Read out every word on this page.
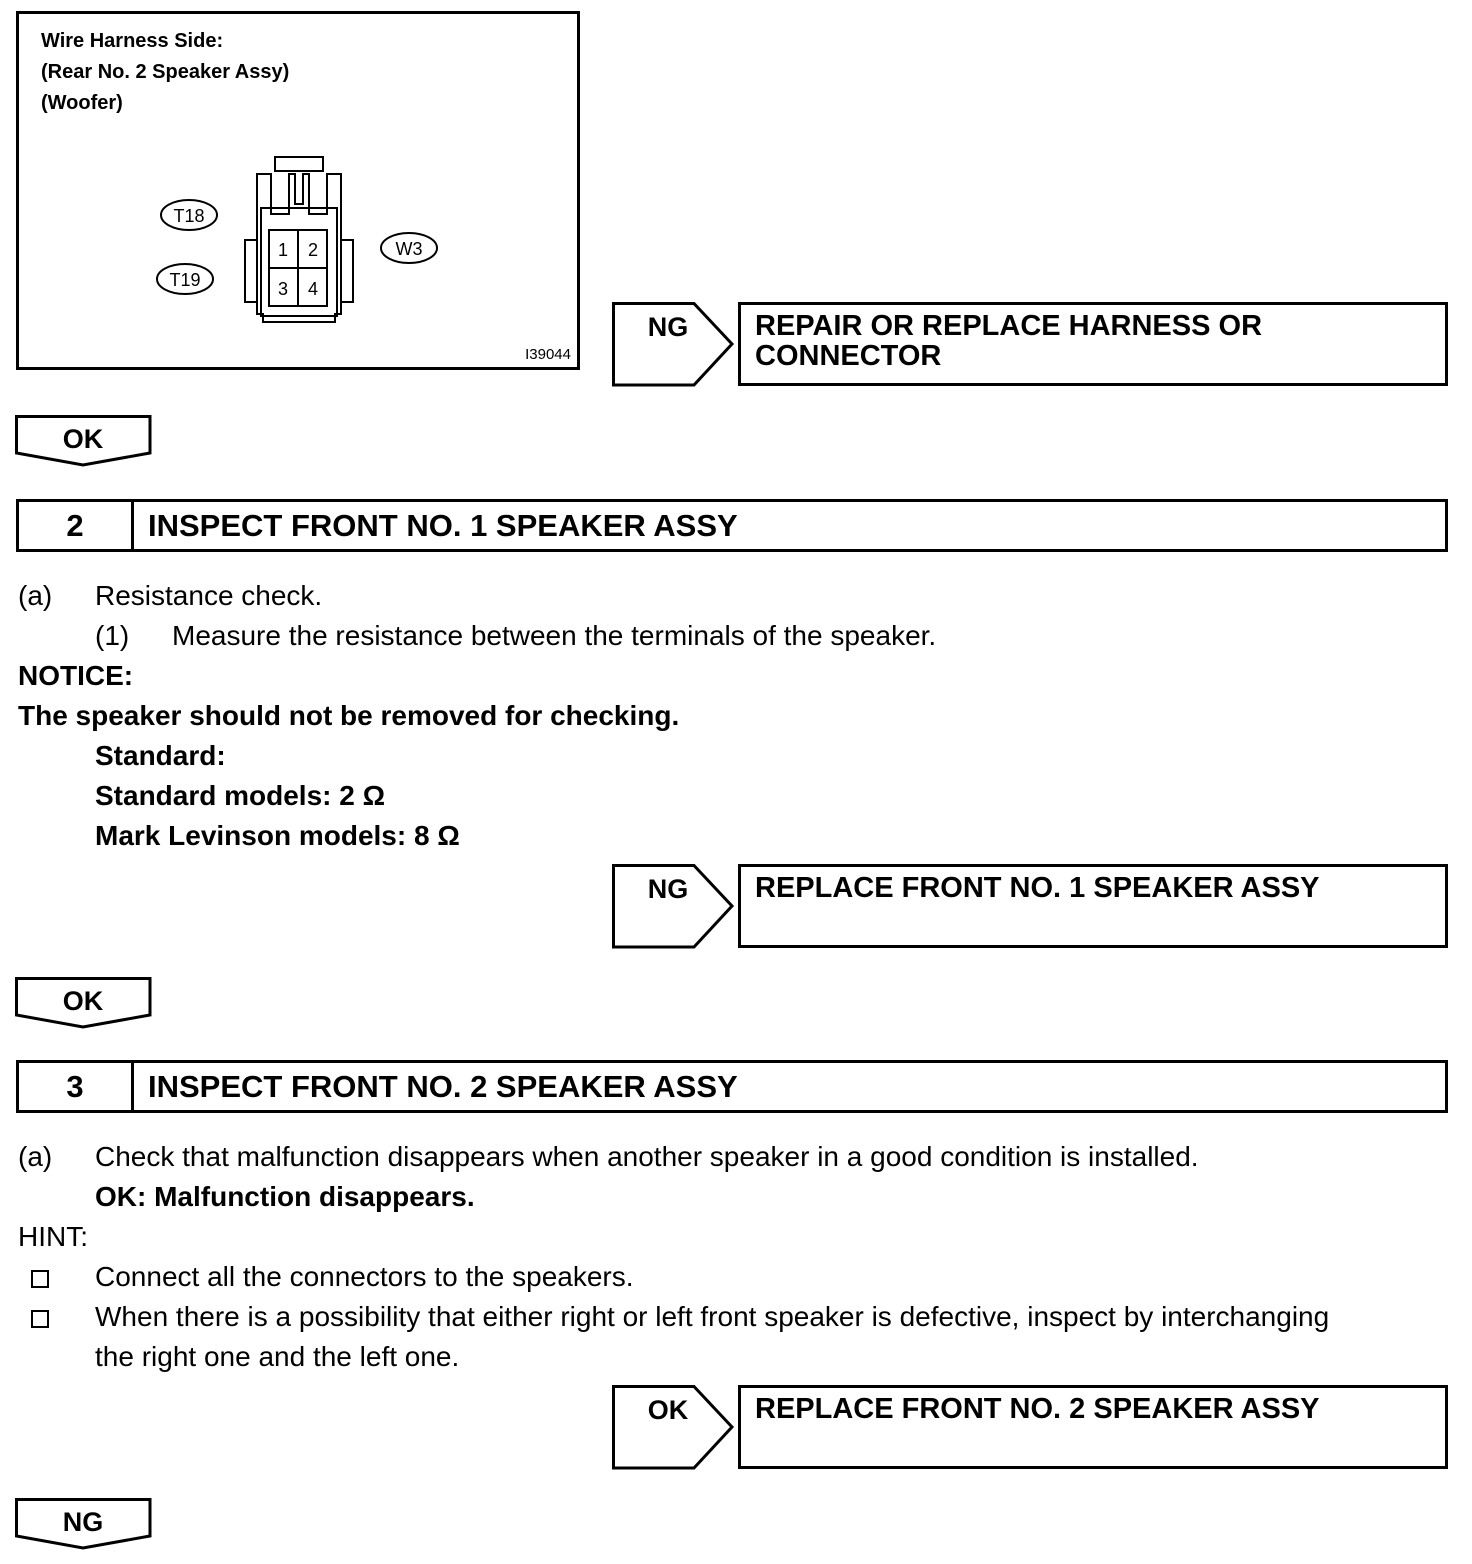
Wire Harness Side:
(Rear No. 2 Speaker Assy)
(Woofer)
1 2
3 4
T18
T19
W3
I39044
NG	REPAIR OR REPLACE HARNESS OR
CONNECTOR
OK
2	INSPECT FRONT NO. 1 SPEAKER ASSY
(a) Resistance check.
(1) Measure the resistance between the terminals of the speaker.
NOTICE:
The speaker should not be removed for checking.
Standard:
Standard models: 2 Ω
Mark Levinson models: 8 Ω
NG	REPLACE FRONT NO. 1 SPEAKER ASSY
OK
3	INSPECT FRONT NO. 2 SPEAKER ASSY
(a) Check that malfunction disappears when another speaker in a good condition is installed.
OK: Malfunction disappears.
HINT:
Connect all the connectors to the speakers.
When there is a possibility that either right or left front speaker is defective, inspect by interchanging
the right one and the left one.
OK	REPLACE FRONT NO. 2 SPEAKER ASSY
NG
